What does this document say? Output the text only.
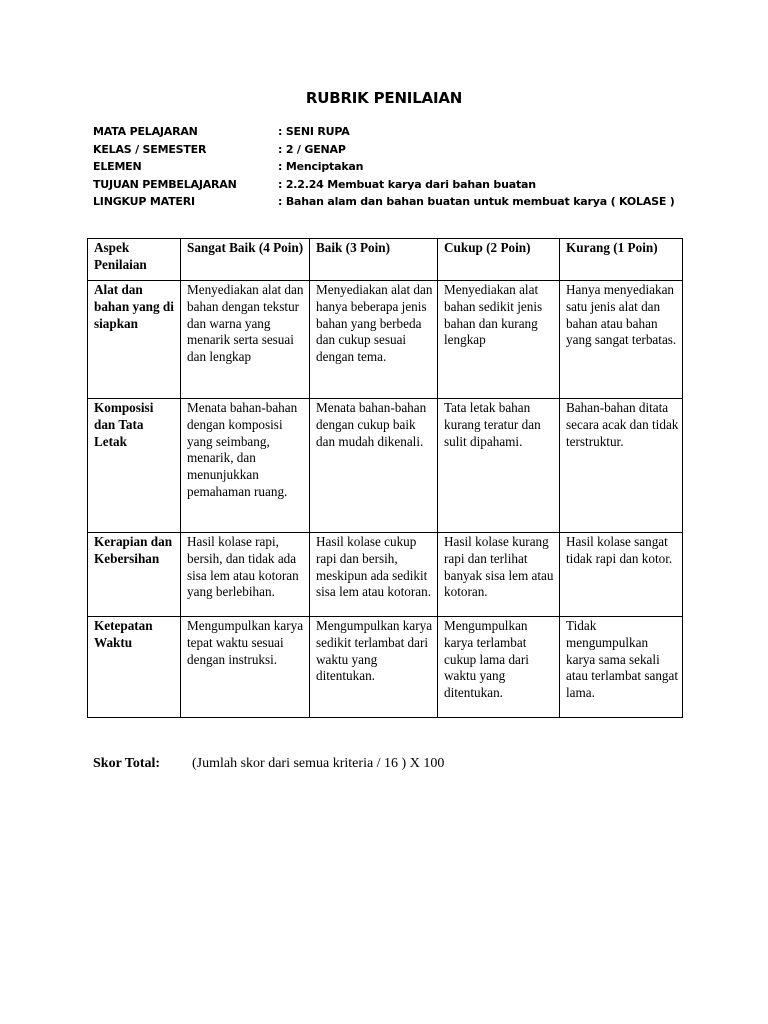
RUBRIK PENILAIAN
MATA PELAJARAN	: SENI RUPA
KELAS / SEMESTER	: 2 / GENAP
ELEMEN	: Menciptakan
TUJUAN PEMBELAJARAN	: 2.2.24 Membuat karya dari bahan buatan
LINGKUP MATERI	: Bahan alam dan bahan buatan untuk membuat karya ( KOLASE )
Aspek Penilaian	Sangat Baik (4 Poin)	Baik (3 Poin)	Cukup (2 Poin)	Kurang (1 Poin)
Alat dan bahan yang di siapkan	Menyediakan alat dan bahan dengan tekstur dan warna yang menarik serta sesuai dan lengkap	Menyediakan alat dan hanya beberapa jenis bahan yang berbeda dan cukup sesuai dengan tema.	Menyediakan alat bahan sedikit jenis bahan dan kurang lengkap	Hanya menyediakan satu jenis alat dan bahan atau bahan yang sangat terbatas.
Komposisi dan Tata Letak	Menata bahan-bahan dengan komposisi yang seimbang, menarik, dan menunjukkan pemahaman ruang.	Menata bahan-bahan dengan cukup baik dan mudah dikenali.	Tata letak bahan kurang teratur dan sulit dipahami.	Bahan-bahan ditata secara acak dan tidak terstruktur.
Kerapian dan Kebersihan	Hasil kolase rapi, bersih, dan tidak ada sisa lem atau kotoran yang berlebihan.	Hasil kolase cukup rapi dan bersih, meskipun ada sedikit sisa lem atau kotoran.	Hasil kolase kurang rapi dan terlihat banyak sisa lem atau kotoran.	Hasil kolase sangat tidak rapi dan kotor.
Ketepatan Waktu	Mengumpulkan karya tepat waktu sesuai dengan instruksi.	Mengumpulkan karya sedikit terlambat dari waktu yang ditentukan.	Mengumpulkan karya terlambat cukup lama dari waktu yang ditentukan.	Tidak mengumpulkan karya sama sekali atau terlambat sangat lama.
Skor Total:	(Jumlah skor dari semua kriteria / 16 ) X 100
